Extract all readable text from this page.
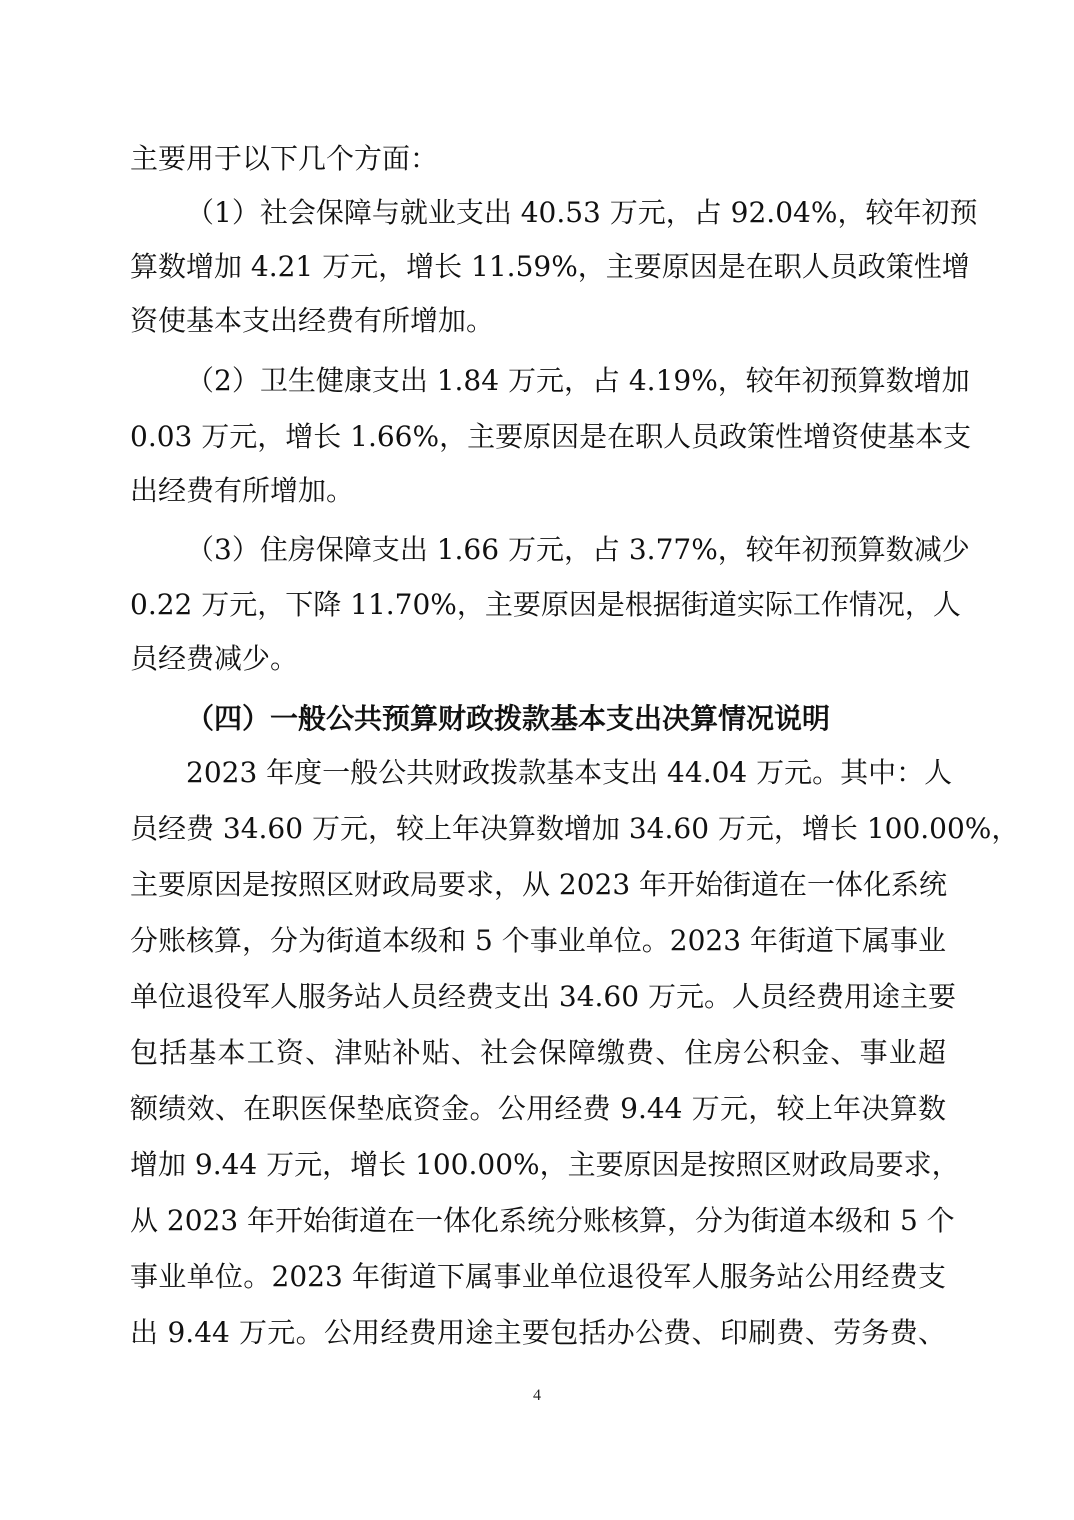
主要用于以下几个方面：
（1）社会保障与就业支出 40.53 万元，占 92.04%，较年初预
算数增加 4.21 万元，增长 11.59%，主要原因是在职人员政策性增
资使基本支出经费有所增加。
（2）卫生健康支出 1.84 万元，占 4.19%，较年初预算数增加
0.03 万元，增长 1.66%，主要原因是在职人员政策性增资使基本支
出经费有所增加。
（3）住房保障支出 1.66 万元，占 3.77%，较年初预算数减少
0.22 万元，下降 11.70%，主要原因是根据街道实际工作情况，人
员经费减少。
（四）一般公共预算财政拨款基本支出决算情况说明
2023 年度一般公共财政拨款基本支出 44.04 万元。其中：人
员经费 34.60 万元，较上年决算数增加 34.60 万元，增长 100.00%，
主要原因是按照区财政局要求，从 2023 年开始街道在一体化系统
分账核算，分为街道本级和 5 个事业单位。2023 年街道下属事业
单位退役军人服务站人员经费支出 34.60 万元。人员经费用途主要
包括基本工资、津贴补贴、社会保障缴费、住房公积金、事业超
额绩效、在职医保垫底资金。公用经费 9.44 万元，较上年决算数
增加 9.44 万元，增长 100.00%，主要原因是按照区财政局要求，
从 2023 年开始街道在一体化系统分账核算，分为街道本级和 5 个
事业单位。2023 年街道下属事业单位退役军人服务站公用经费支
出 9.44 万元。公用经费用途主要包括办公费、印刷费、劳务费、
4
